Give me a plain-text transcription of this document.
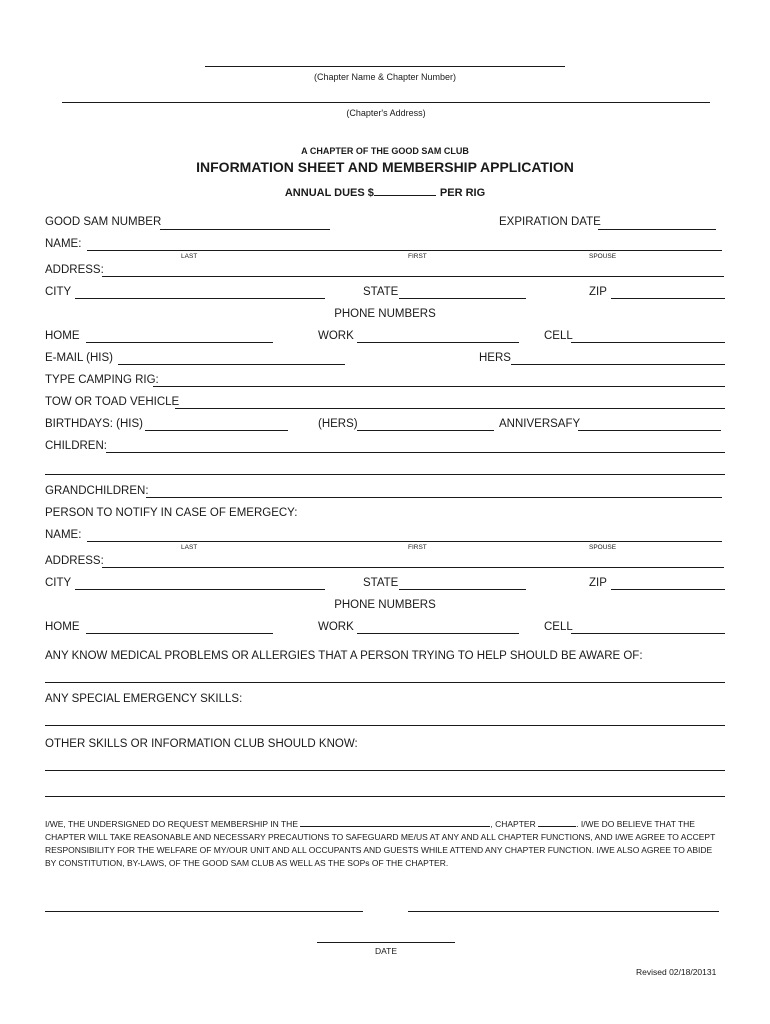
(Chapter Name & Chapter Number)
(Chapter's Address)
A CHAPTER OF THE GOOD SAM CLUB
INFORMATION SHEET AND MEMBERSHIP APPLICATION
ANNUAL DUES $	PER RIG
GOOD SAM NUMBER	EXPIRATION DATE
NAME:
LAST	FIRST	SPOUSE
ADDRESS:
CITY	STATE	ZIP
PHONE NUMBERS
HOME	WORK	CELL
E-MAIL (HIS)	HERS
TYPE CAMPING RIG:
TOW OR TOAD VEHICLE
BIRTHDAYS: (HIS)	(HERS)	ANNIVERSAFY
CHILDREN:
GRANDCHILDREN:
PERSON TO NOTIFY IN CASE OF EMERGECY:
NAME:
LAST	FIRST	SPOUSE
ADDRESS:
CITY	STATE	ZIP
PHONE NUMBERS
HOME	WORK	CELL
ANY KNOW MEDICAL PROBLEMS OR ALLERGIES THAT A PERSON TRYING TO HELP SHOULD BE AWARE OF:
ANY SPECIAL EMERGENCY SKILLS:
OTHER SKILLS OR INFORMATION CLUB SHOULD KNOW:
I/WE, THE UNDERSIGNED DO REQUEST MEMBERSHIP IN THE	, CHAPTER	. I/WE DO BELIEVE THAT THE CHAPTER WILL TAKE REASONABLE AND NECESSARY PRECAUTIONS TO SAFEGUARD ME/US AT ANY AND ALL CHAPTER FUNCTIONS, AND I/WE AGREE TO ACCEPT RESPONSIBILITY FOR THE WELFARE OF MY/OUR UNIT AND ALL OCCUPANTS AND GUESTS WHILE ATTEND ANY CHAPTER FUNCTION. I/WE ALSO AGREE TO ABIDE BY CONSTITUTION, BY-LAWS, OF THE GOOD SAM CLUB AS WELL AS THE SOPs OF THE CHAPTER.
DATE
Revised 02/18/20131
